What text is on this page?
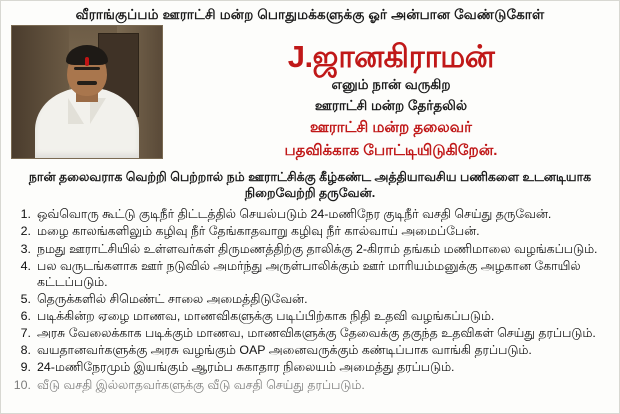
வீராங்குப்பம் ஊராட்சி மன்ற பொதுமக்களுக்கு ஓர் அன்பான வேண்டுகோள்
J.ஜானகிராமன்
எனும் நான் வருகிற
ஊராட்சி மன்ற தேர்தலில்
ஊராட்சி மன்ற தலைவர்
பதவிக்காக போட்டியிடுகிறேன்.
நான் தலைவராக வெற்றி பெற்றால் நம் ஊராட்சிக்கு கீழ்கண்ட அத்தியாவசிய பணிகளை உடனடியாக நிறைவேற்றி தருவேன்.
1. ஒவ்வொரு கூட்டு குடிநீர் திட்டத்தில் செயல்படும் 24-மணிநேர குடிநீர் வசதி செய்து தருவேன்.
2. மழை காலங்களிலும் கழிவு நீர் தேங்காதவாறு கழிவு நீர் கால்வாய் அமைப்பேன்.
3. நமது ஊராட்சியில் உள்ளவர்கள் திருமணத்திற்கு தாலிக்கு 2-கிராம் தங்கம் மணிமாலை வழங்கப்படும்.
4. பல வருடங்களாக ஊர் நடுவில் அமர்ந்து அருள்பாலிக்கும் ஊர் மாரியம்மனுக்கு அழகான கோயில் கட்டப்படும்.
5. தெருக்களில் சிமெண்ட் சாலை அமைத்திடுவேன்.
6. படிக்கின்ற ஏழை மாணவ, மாணவிகளுக்கு படிப்பிற்காக நிதி உதவி வழங்கப்படும்.
7. அரசு வேலைக்காக படிக்கும் மாணவ, மாணவிகளுக்கு தேவைக்கு தகுந்த உதவிகள் செய்து தரப்படும்.
8. வயதானவர்களுக்கு அரசு வழங்கும் OAP அனைவருக்கும் கண்டிப்பாக வாங்கி தரப்படும்.
9. 24-மணிநேரமும் இயங்கும் ஆரம்ப சுகாதார நிலையம் அமைத்து தரப்படும்.
10. வீடு வசதி இல்லாதவர்களுக்கு வீடு வசதி செய்து தரப்படும்.
